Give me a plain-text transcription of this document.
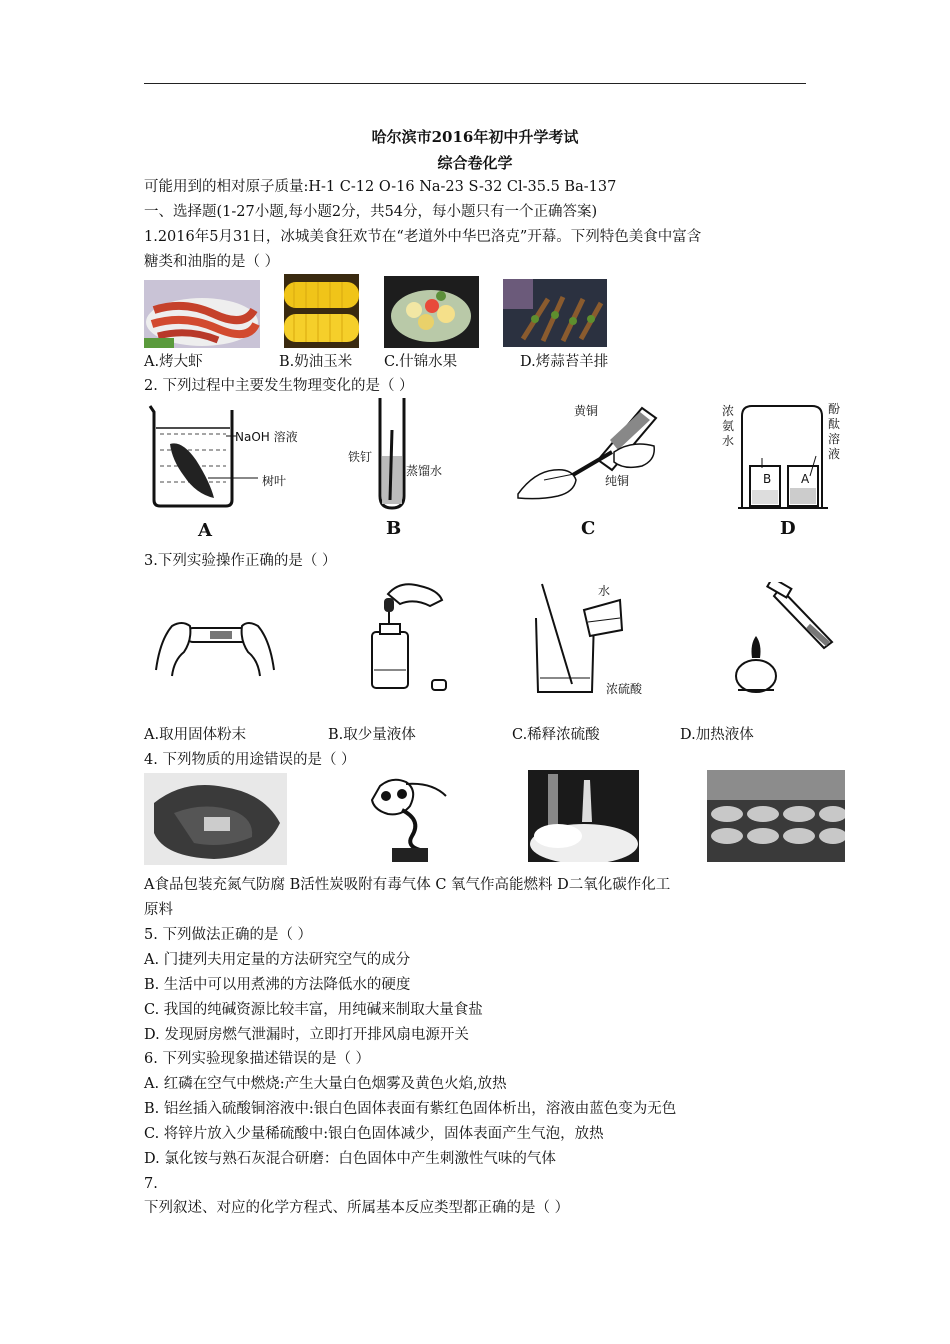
哈尔滨市2016年初中升学考试
综合卷化学
可能用到的相对原子质量:H-1 C-12 O-16 Na-23 S-32 Cl-35.5 Ba-137
一、选择题(1-27小题,每小题2分，共54分，每小题只有一个正确答案)
1.2016年5月31日，冰城美食狂欢节在“老道外中华巴洛克”开幕。下列特色美食中富含
糖类和油脂的是（ ）
A.烤大虾	B.奶油玉米 C.什锦水果	D.烤蒜苔羊排
2. 下列过程中主要发生物理变化的是（ ）
NaOH 溶液
树叶
A
铁钉
蒸馏水
B
黄铜
纯铜
C
浓氨水
酚酞溶液
B A
D
3.下列实验操作正确的是（ ）
水
浓硫酸
A.取用固体粉末	B.取少量液体	C.稀释浓硫酸	D.加热液体
4. 下列物质的用途错误的是（ ）
A食品包装充氮气防腐 B活性炭吸附有毒气体 C 氧气作高能燃料 D二氧化碳作化工
原料
5. 下列做法正确的是（ ）
A. 门捷列夫用定量的方法研究空气的成分
B. 生活中可以用煮沸的方法降低水的硬度
C. 我国的纯碱资源比较丰富，用纯碱来制取大量食盐
D. 发现厨房燃气泄漏时，立即打开排风扇电源开关
6. 下列实验现象描述错误的是（ ）
A. 红磷在空气中燃烧:产生大量白色烟雾及黄色火焰,放热
B. 铝丝插入硫酸铜溶液中:银白色固体表面有紫红色固体析出，溶液由蓝色变为无色
C. 将锌片放入少量稀硫酸中:银白色固体减少，固体表面产生气泡，放热
D. 氯化铵与熟石灰混合研磨：白色固体中产生刺激性气味的气体
7.
下列叙述、对应的化学方程式、所属基本反应类型都正确的是（ ）
